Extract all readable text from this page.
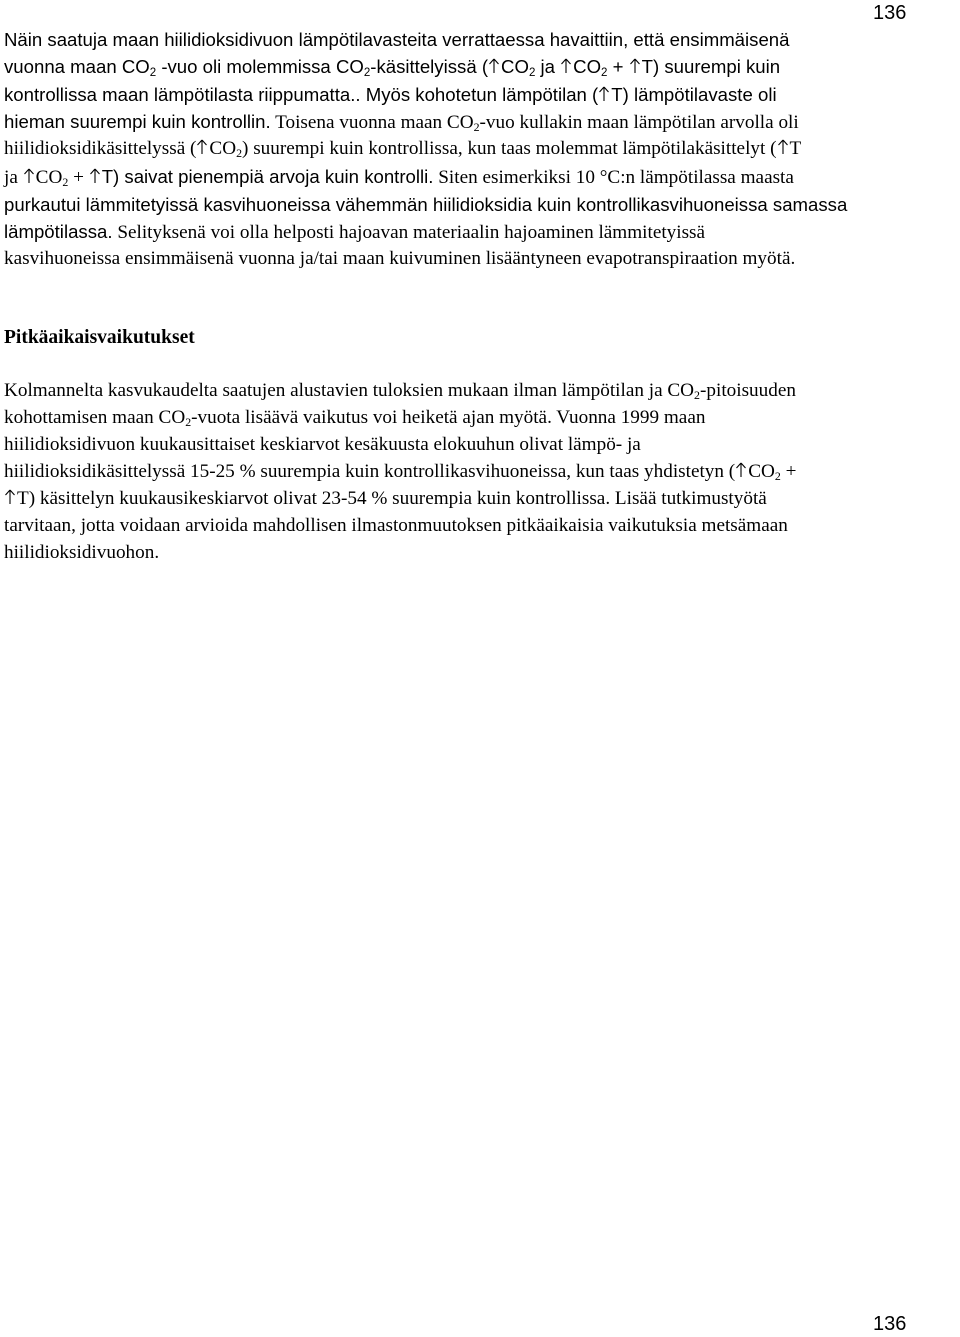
136
Näin saatuja maan hiilidioksidivuon lämpötilavasteita verrattaessa havaittiin, että ensimmäisenä
vuonna maan $CO_2$ -vuo oli molemmissa $CO_2$-käsittelyissä ( $CO_2$ ja
$CO_2$ +
T) suurempi kuin
kontrollissa maan lämpötilasta riippumatta.. Myös kohotetun lämpötilan ( T) lämpötilavaste oli
hieman suurempi kuin kontrollin. Toisena vuonna maan $CO_2$-vuo kullakin maan lämpötilan arvolla oli
hiilidioksidikäsittelyssä ( $CO_2$) suurempi kuin kontrollissa, kun taas molemmat lämpötilakäsittelyt ( T
ja
$CO_2$ +
T) saivat pienempiä arvoja kuin kontrolli. Siten esimerkiksi 10 °C:n lämpötilassa maasta
purkautui lämmitetyissä kasvihuoneissa vähemmän hiilidioksidia kuin kontrollikasvihuoneissa samassa
lämpötilassa. Selityksenä voi olla helposti hajoavan materiaalin hajoaminen lämmitetyissä
kasvihuoneissa ensimmäisenä vuonna ja/tai maan kuivuminen lisääntyneen evapotranspiraation myötä.
Pitkäaikaisvaikutukset
Kolmannelta kasvukaudelta saatujen alustavien tuloksien mukaan ilman lämpötilan ja $CO_2$-pitoisuuden
kohottamisen maan $CO_2$-vuota lisäävä vaikutus voi heiketä ajan myötä. Vuonna 1999 maan
hiilidioksidivuon kuukausittaiset keskiarvot kesäkuusta elokuuhun olivat lämpö- ja
hiilidioksidikäsittelyssä 15-25 % suurempia kuin kontrollikasvihuoneissa, kun taas yhdistetyn ( $CO_2$ +
T) käsittelyn kuukausikeskiarvot olivat 23-54 % suurempia kuin kontrollissa. Lisää tutkimustyötä
tarvitaan, jotta voidaan arvioida mahdollisen ilmastonmuutoksen pitkäaikaisia vaikutuksia metsämaan
hiilidioksidivuohon.
136
